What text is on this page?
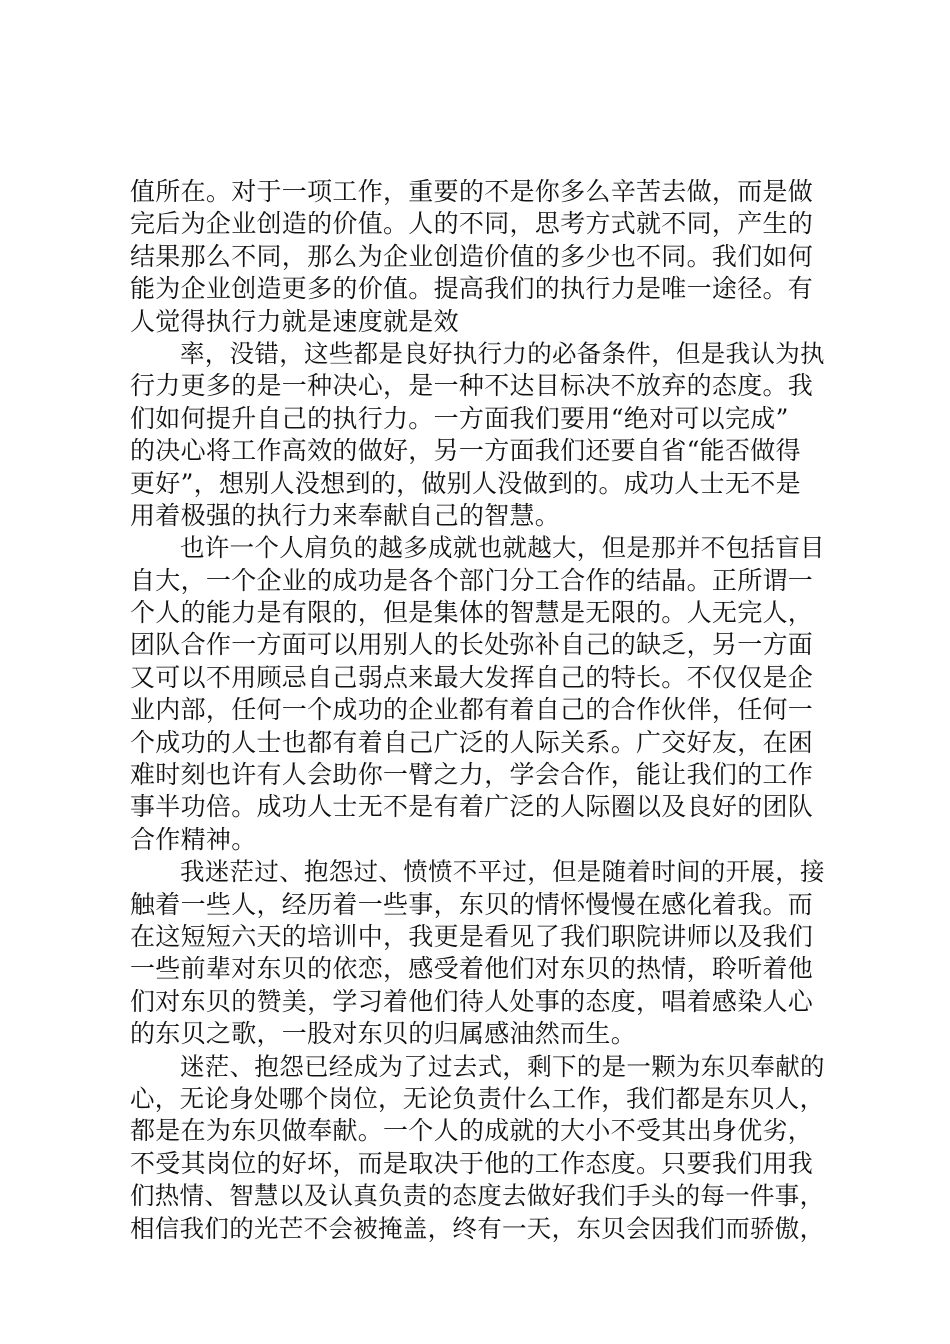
值所在。对于一项工作，重要的不是你多么辛苦去做，而是做
完后为企业创造的价值。人的不同，思考方式就不同，产生的
结果那么不同，那么为企业创造价值的多少也不同。我们如何
能为企业创造更多的价值。提高我们的执行力是唯一途径。有
人觉得执行力就是速度就是效
率，没错，这些都是良好执行力的必备条件，但是我认为执
行力更多的是一种决心，是一种不达目标决不放弃的态度。我
们如何提升自己的执行力。一方面我们要用“绝对可以完成”
的决心将工作高效的做好，另一方面我们还要自省“能否做得
更好”，想别人没想到的，做别人没做到的。成功人士无不是
用着极强的执行力来奉献自己的智慧。
也许一个人肩负的越多成就也就越大，但是那并不包括盲目
自大，一个企业的成功是各个部门分工合作的结晶。正所谓一
个人的能力是有限的，但是集体的智慧是无限的。人无完人，
团队合作一方面可以用别人的长处弥补自己的缺乏，另一方面
又可以不用顾忌自己弱点来最大发挥自己的特长。不仅仅是企
业内部，任何一个成功的企业都有着自己的合作伙伴，任何一
个成功的人士也都有着自己广泛的人际关系。广交好友，在困
难时刻也许有人会助你一臂之力，学会合作，能让我们的工作
事半功倍。成功人士无不是有着广泛的人际圈以及良好的团队
合作精神。
我迷茫过、抱怨过、愤愤不平过，但是随着时间的开展，接
触着一些人，经历着一些事，东贝的情怀慢慢在感化着我。而
在这短短六天的培训中，我更是看见了我们职院讲师以及我们
一些前辈对东贝的依恋，感受着他们对东贝的热情，聆听着他
们对东贝的赞美，学习着他们待人处事的态度，唱着感染人心
的东贝之歌，一股对东贝的归属感油然而生。
迷茫、抱怨已经成为了过去式，剩下的是一颗为东贝奉献的
心，无论身处哪个岗位，无论负责什么工作，我们都是东贝人，
都是在为东贝做奉献。一个人的成就的大小不受其出身优劣，
不受其岗位的好坏，而是取决于他的工作态度。只要我们用我
们热情、智慧以及认真负责的态度去做好我们手头的每一件事，
相信我们的光芒不会被掩盖，终有一天，东贝会因我们而骄傲，
